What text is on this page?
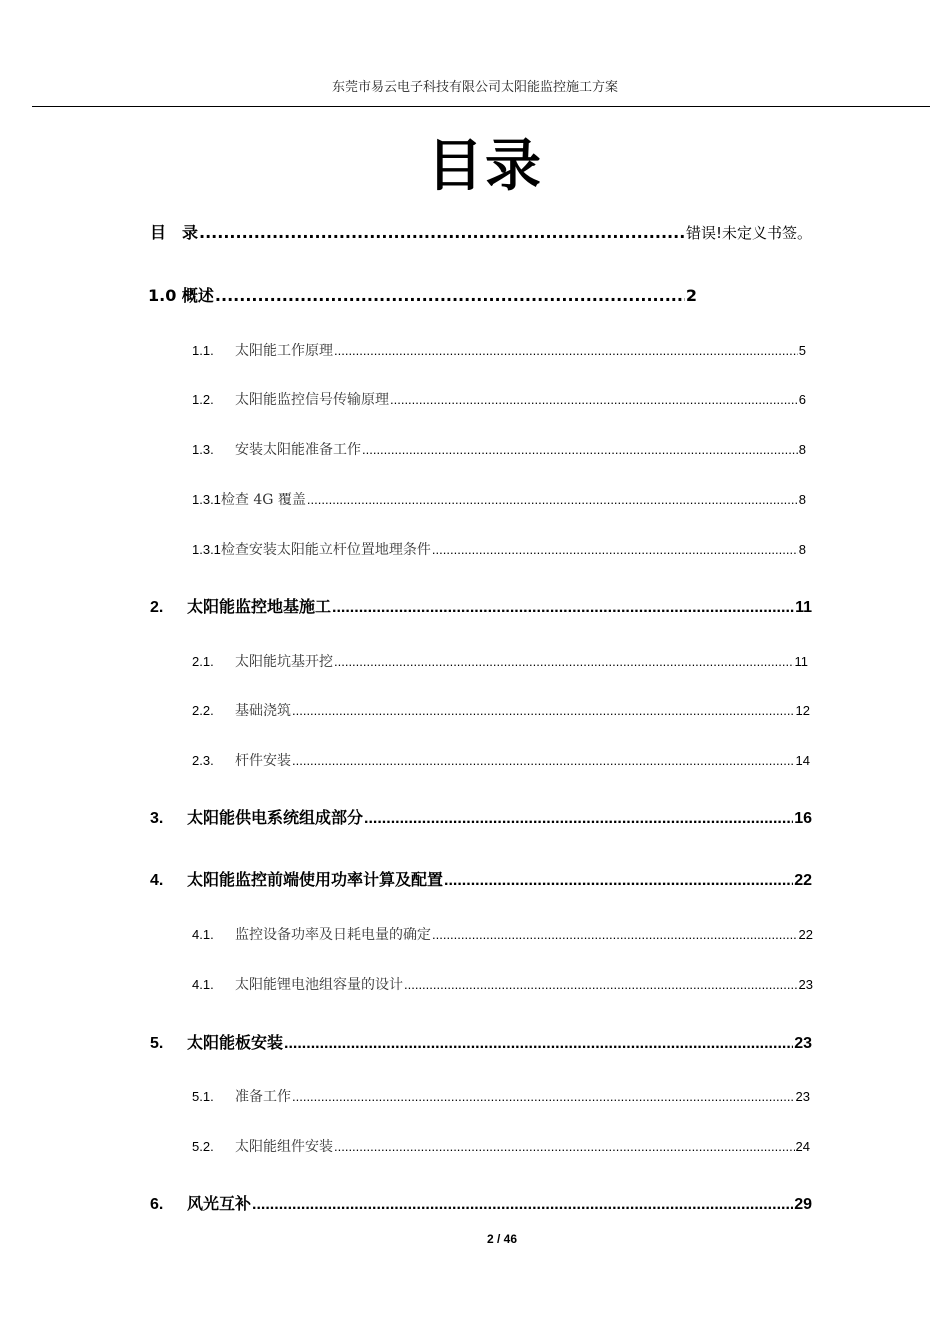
东莞市易云电子科技有限公司太阳能监控施工方案
目录
目　录 .....	错误!未定义书签。
1.0 概述 .....	2
1.1.	太阳能工作原理 .....	5
1.2.	太阳能监控信号传输原理 .....	6
1.3.	安装太阳能准备工作 .....	8
1.3.1 检查 4G 覆盖 .....	8
1.3.1 检查安装太阳能立杆位置地理条件 .....	8
2.	太阳能监控地基施工 .....	11
2.1.	太阳能坑基开挖 .....	11
2.2.	基础浇筑 .....	12
2.3.	杆件安装 .....	14
3.	太阳能供电系统组成部分 .....	16
4.	太阳能监控前端使用功率计算及配置 .....	22
4.1.	监控设备功率及日耗电量的确定 .....	22
4.1.	太阳能锂电池组容量的设计 .....	23
5.	太阳能板安装 .....	23
5.1.	准备工作 .....	23
5.2.	太阳能组件安装 .....	24
6.	风光互补 .....	29
2 / 46
